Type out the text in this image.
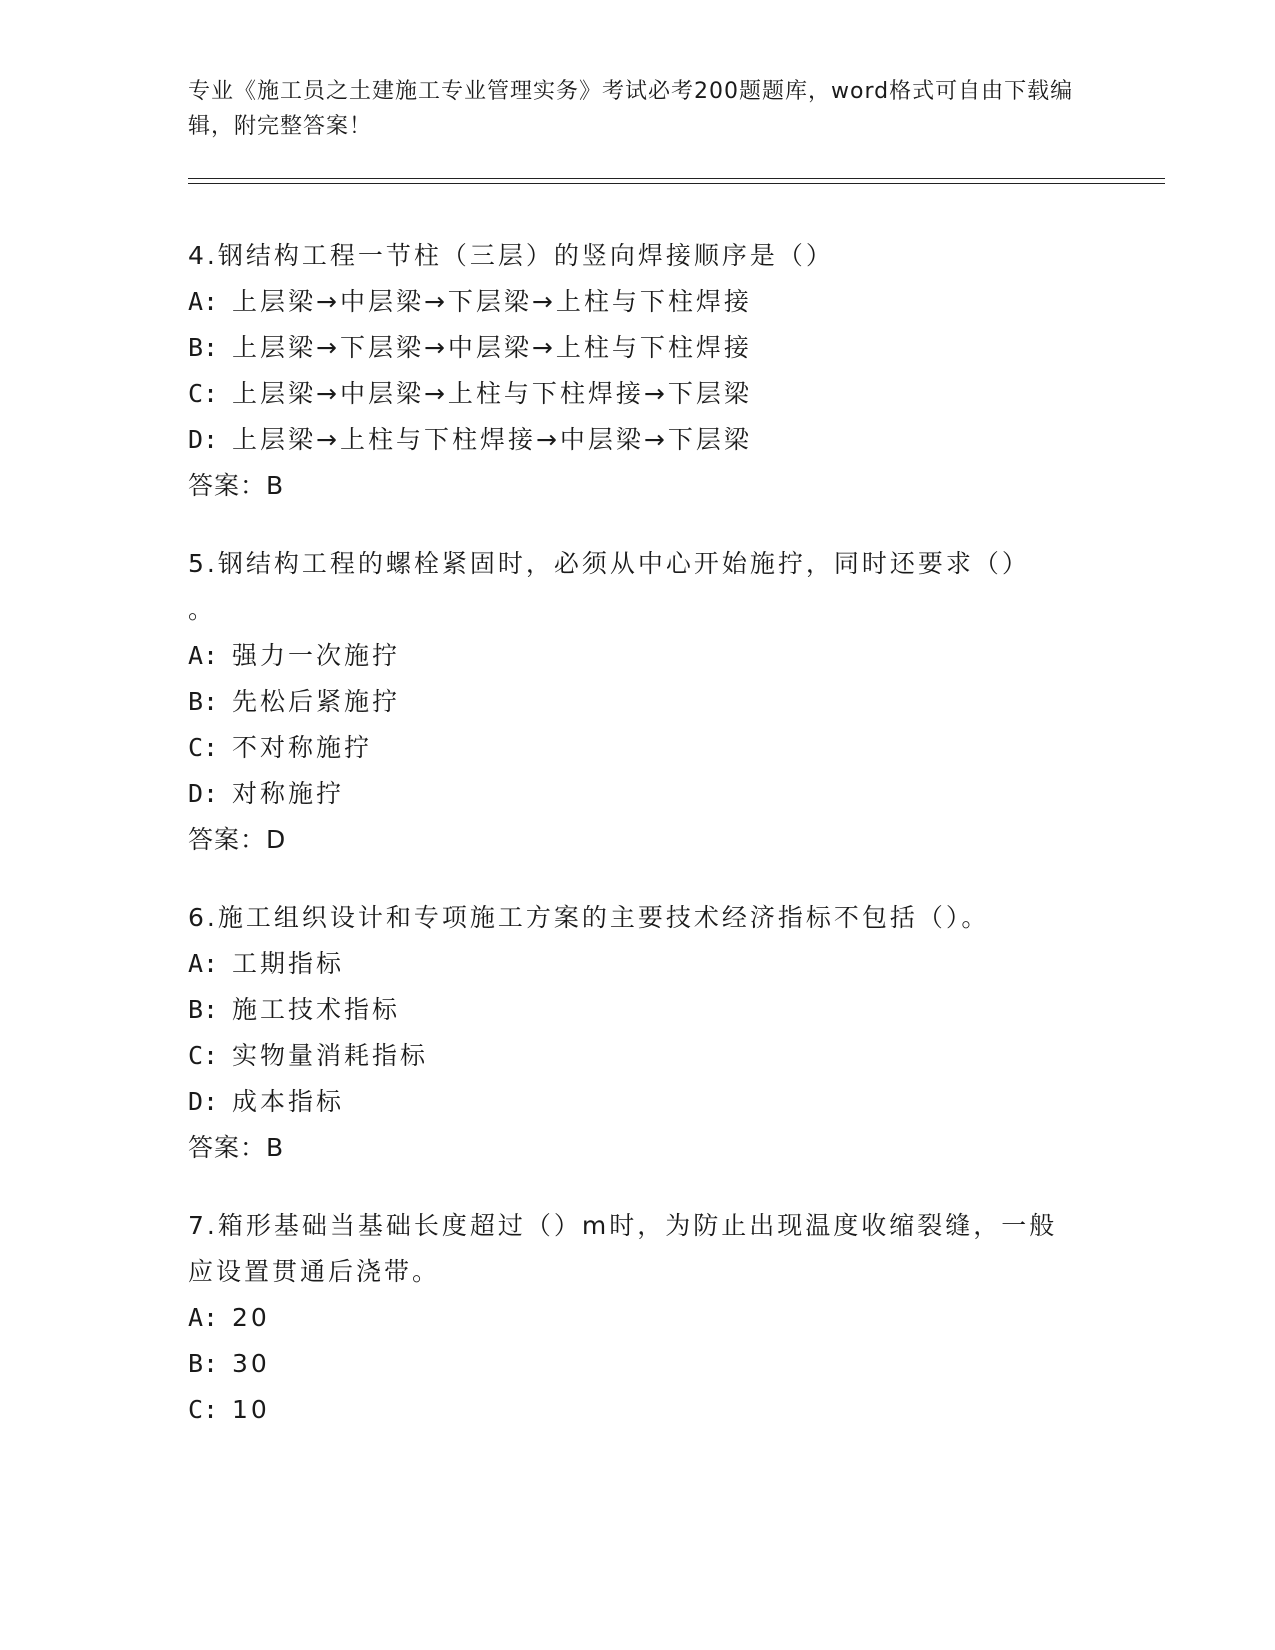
专业《施工员之土建施工专业管理实务》考试必考200题题库，word格式可自由下载编辑，附完整答案！
4.钢结构工程一节柱（三层）的竖向焊接顺序是（）
A: 上层梁→中层梁→下层梁→上柱与下柱焊接
B: 上层梁→下层梁→中层梁→上柱与下柱焊接
C: 上层梁→中层梁→上柱与下柱焊接→下层梁
D: 上层梁→上柱与下柱焊接→中层梁→下层梁
答案：B
5.钢结构工程的螺栓紧固时，必须从中心开始施拧，同时还要求（）
。
A: 强力一次施拧
B: 先松后紧施拧
C: 不对称施拧
D: 对称施拧
答案：D
6.施工组织设计和专项施工方案的主要技术经济指标不包括（）。
A: 工期指标
B: 施工技术指标
C: 实物量消耗指标
D: 成本指标
答案：B
7.箱形基础当基础长度超过（）m时，为防止出现温度收缩裂缝，一般
应设置贯通后浇带。
A: 20
B: 30
C: 10
